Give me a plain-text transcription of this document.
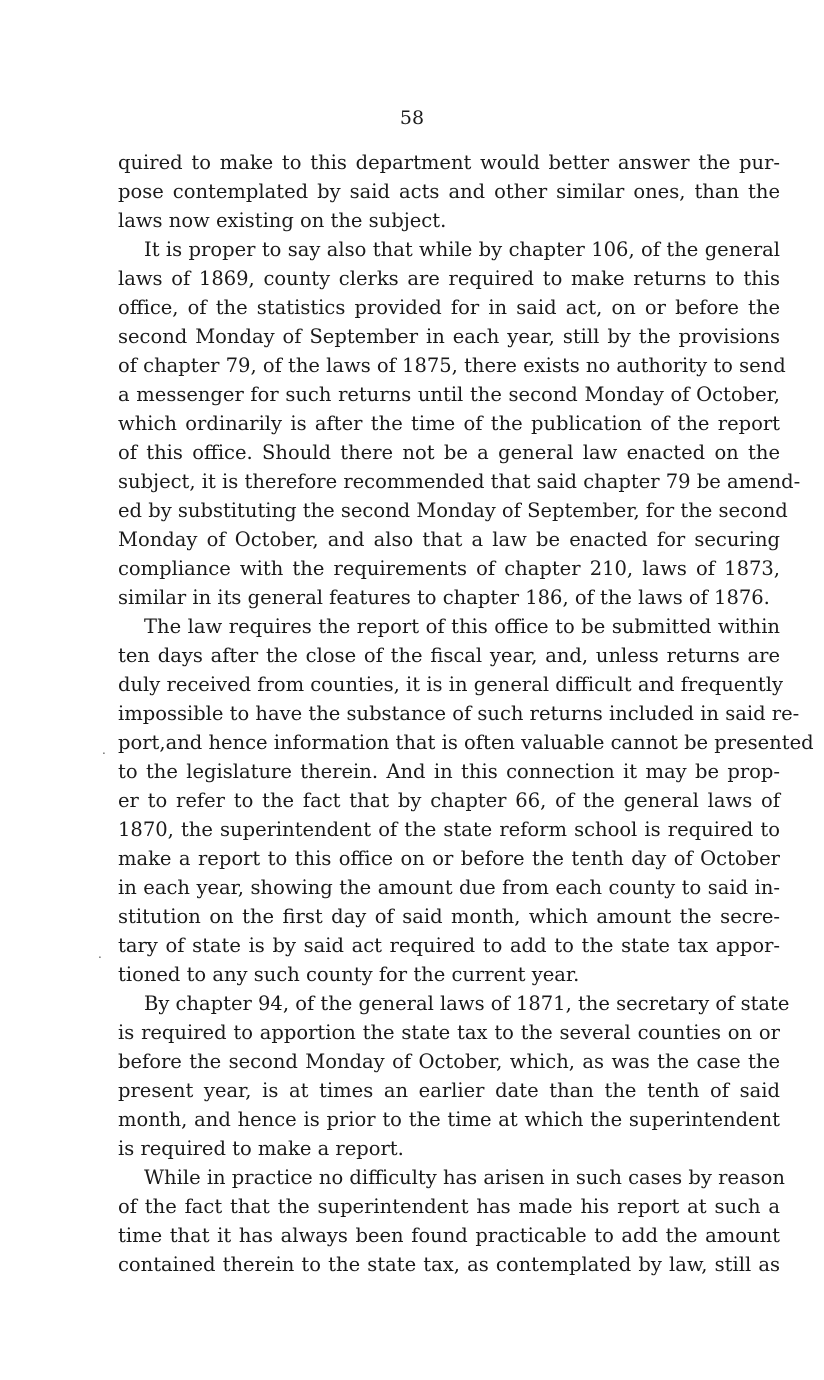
58
quired to make to this department would better answer the pur-
pose contemplated by said acts and other similar ones, than the
laws now existing on the subject.
It is proper to say also that while by chapter 106, of the general
laws of 1869, county clerks are required to make returns to this
office, of the statistics provided for in said act, on or before the
second Monday of September in each year, still by the provisions
of chapter 79, of the laws of 1875, there exists no authority to send
a messenger for such returns until the second Monday of October,
which ordinarily is after the time of the publication of the report
of this office. Should there not be a general law enacted on the
subject, it is therefore recommended that said chapter 79 be amend-
ed by substituting the second Monday of September, for the second
Monday of October, and also that a law be enacted for securing
compliance with the requirements of chapter 210, laws of 1873,
similar in its general features to chapter 186, of the laws of 1876.
The law requires the report of this office to be submitted within
ten days after the close of the fiscal year, and, unless returns are
duly received from counties, it is in general difficult and frequently
impossible to have the substance of such returns included in said re-
port,and hence information that is often valuable cannot be presented
to the legislature therein. And in this connection it may be prop-
er to refer to the fact that by chapter 66, of the general laws of
1870, the superintendent of the state reform school is required to
make a report to this office on or before the tenth day of October
in each year, showing the amount due from each county to said in-
stitution on the first day of said month, which amount the secre-
tary of state is by said act required to add to the state tax appor-
tioned to any such county for the current year.
By chapter 94, of the general laws of 1871, the secretary of state
is required to apportion the state tax to the several counties on or
before the second Monday of October, which, as was the case the
present year, is at times an earlier date than the tenth of said
month, and hence is prior to the time at which the superintendent
is required to make a report.
While in practice no difficulty has arisen in such cases by reason
of the fact that the superintendent has made his report at such a
time that it has always been found practicable to add the amount
contained therein to the state tax, as contemplated by law, still as
.
.
